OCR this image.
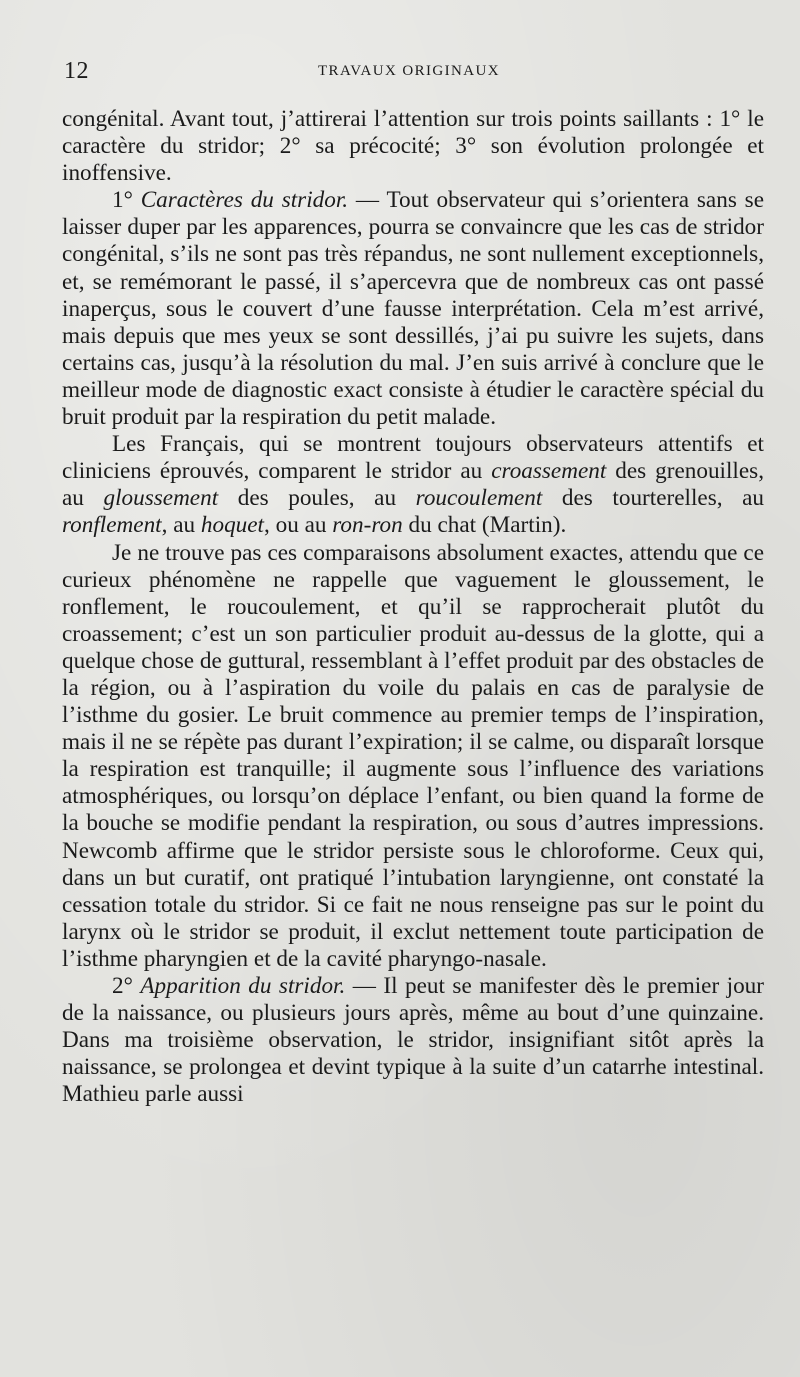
12	TRAVAUX ORIGINAUX

congénital. Avant tout, j’attirerai l’attention sur trois points saillants : 1° le caractère du stridor; 2° sa précocité; 3° son évolution prolongée et inoffensive.

1° Caractères du stridor. — Tout observateur qui s’orientera sans se laisser duper par les apparences, pourra se convaincre que les cas de stridor congénital, s’ils ne sont pas très répandus, ne sont nullement exceptionnels, et, se remémorant le passé, il s’apercevra que de nombreux cas ont passé inaperçus, sous le couvert d’une fausse interprétation. Cela m’est arrivé, mais depuis que mes yeux se sont dessillés, j’ai pu suivre les sujets, dans certains cas, jusqu’à la résolution du mal. J’en suis arrivé à conclure que le meilleur mode de diagnostic exact consiste à étudier le caractère spécial du bruit produit par la respiration du petit malade.

Les Français, qui se montrent toujours observateurs attentifs et cliniciens éprouvés, comparent le stridor au croassement des grenouilles, au gloussement des poules, au roucoulement des tourterelles, au ronflement, au hoquet, ou au ron-ron du chat (Martin).

Je ne trouve pas ces comparaisons absolument exactes, attendu que ce curieux phénomène ne rappelle que vaguement le gloussement, le ronflement, le roucoulement, et qu’il se rapprocherait plutôt du croassement; c’est un son particulier produit au-dessus de la glotte, qui a quelque chose de guttural, ressemblant à l’effet produit par des obstacles de la région, ou à l’aspiration du voile du palais en cas de paralysie de l’isthme du gosier. Le bruit commence au premier temps de l’inspiration, mais il ne se répète pas durant l’expiration; il se calme, ou disparaît lorsque la respiration est tranquille; il augmente sous l’influence des variations atmosphériques, ou lorsqu’on déplace l’enfant, ou bien quand la forme de la bouche se modifie pendant la respiration, ou sous d’autres impressions. Newcomb affirme que le stridor persiste sous le chloroforme. Ceux qui, dans un but curatif, ont pratiqué l’intubation laryngienne, ont constaté la cessation totale du stridor. Si ce fait ne nous renseigne pas sur le point du larynx où le stridor se produit, il exclut nettement toute participation de l’isthme pharyngien et de la cavité pharyngo-nasale.

2° Apparition du stridor. — Il peut se manifester dès le premier jour de la naissance, ou plusieurs jours après, même au bout d’une quinzaine. Dans ma troisième observation, le stridor, insignifiant sitôt après la naissance, se prolongea et devint typique à la suite d’un catarrhe intestinal. Mathieu parle aussi
